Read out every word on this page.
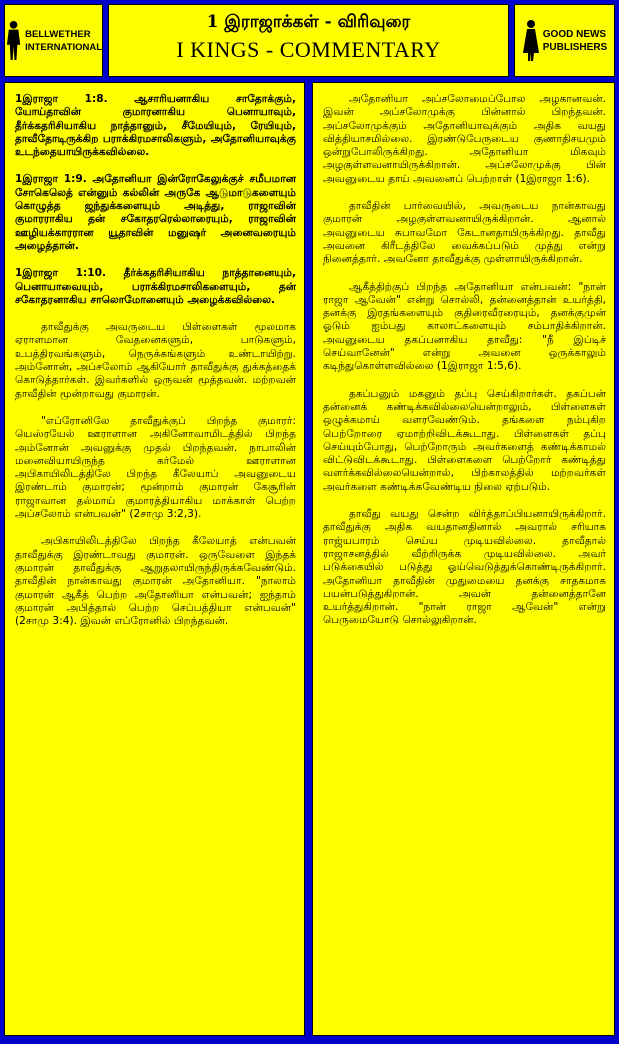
BELLWETHER
INTERNATIONAL
1 இராஜாக்கள் - விரிவுரை
I KINGS - COMMENTARY
GOOD NEWS
PUBLISHERS

1இராஜா 1:8. ஆசாரியனாகிய சாதோக்கும், யோய்தாவின் குமாரனாகிய பெனாயாவும், தீர்க்கதரிசியாகிய நாத்தானும், சீமேயியும், ரேயியும், தாவீதோடிருக்கிற பராக்கிரமசாலிகளும், அதோனியாவுக்கு உடந்தையாயிருக்கவில்லை.

1இராஜா 1:9. அதோனியா இன்ரோகேலுக்குச் சமீபமான சோகெலெத் என்னும் கல்லின் அருகே ஆடுமாடுகளையும் கொழுத்த ஜந்துக்களையும் அடித்து, ராஜாவின் குமாரராகிய தன் சகோதரரெல்லாரையும், ராஜாவின் ஊழியக்காரரான யூதாவின் மனுஷர் அனைவரையும் அழைத்தான்.

1இராஜா 1:10. தீர்க்கதரிசியாகிய நாத்தானையும், பெனாயாவையும், பராக்கிரமசாலிகளையும், தன் சகோதரனாகிய சாலொமோனையும் அழைக்கவில்லை.

தாவீதுக்கு அவருடைய பிள்ளைகள் மூலமாக ஏராளமான வேதனைகளும், பாடுகளும், உபத்திரவங்களும், நெருக்கங்களும் உண்டாயிற்று. அம்னோன், அப்சலோம் ஆகியோர் தாவீதுக்கு துக்கத்தைக் கொடுத்தார்கள். இவர்களில் ஒருவன் மூத்தவன். மற்றவன் தாவீதின் மூன்றாவது குமாரன்.

"எப்ரோனிலே தாவீதுக்குப் பிறந்த குமாரர்: யெஸ்ரயேல் ஊராளான அகினோவாமிடத்தில் பிறந்த அம்னோன் அவனுக்கு முதல் பிறந்தவன். நாபாலின் மனைவியாயிருந்த கர்மேல் ஊராளான அபிகாயிலிடத்திலே பிறந்த கீலேயாப் அவனுடைய இரண்டாம் குமாரன்; மூன்றாம் குமாரன் கேசூரின் ராஜாவான தல்மாய் குமாரத்தியாகிய மாக்காள் பெற்ற அப்சலோம் என்பவன்" (2சாமு 3:2,3).

அபிகாயிலிடத்திலே பிறந்த கீலேயாத் என்பவன் தாவீதுக்கு இரண்டாவது குமாரன். ஒருவேளை இந்தக் குமாரன் தாவீதுக்கு ஆறுதலாயிருந்திருக்கவேண்டும். தாவீதின் நான்காவது குமாரன் அதோனியா. "நாலாம் குமாரன் ஆகீத் பெற்ற அதோனியா என்பவன்; ஐந்தாம் குமாரன் அபித்தால் பெற்ற செப்பத்தியா என்பவன்" (2சாமு 3:4). இவன் எப்ரோனில் பிறந்தவன்.

அதோனியா அப்சலோமைப்போல அழகானவன். இவன் அப்சலோமுக்கு பின்னால் பிறந்தவன். அப்சலோமுக்கும் அதோனியாவுக்கும் அதிக வயது வித்தியாசமில்லை. இரண்டுபேருடைய குணாதிசயமும் ஒன்றுபோலிருக்கிறது. அதோனியா மிகவும் அழகுள்ளவனாயிருக்கிறான். அப்சலோமுக்கு பின் அவனுடைய தாய் அவனைப் பெற்றாள் (1இராஜா 1:6).

தாவீதின் பார்வையில், அவருடைய நான்காவது குமாரன் அழகுள்ளவனாயிருக்கிறான். ஆனால் அவனுடைய சுபாவமோ கேடானதாயிருக்கிறது. தாவீது அவனை கிரீடத்திலே வைக்கப்படும் முத்து என்று நினைத்தார். அவனோ தாவீதுக்கு முள்ளாயிருக்கிறான்.

ஆகீத்திற்குப் பிறந்த அதோனியா என்பவன்: "நான் ராஜா ஆவேன்" என்று சொல்லி, தன்னைத்தான் உயர்த்தி, தனக்கு இரதங்களையும் குதிரைவீரரையும், தனக்குமுன் ஓடும் ஐம்பது காலாட்களையும் சம்பாதிக்கிறான். அவனுடைய தகப்பனாகிய தாவீது: "நீ இப்டிச் செய்வானேன்" என்று அவனை ஒருக்காலும் கடிந்துகொள்ளவில்லை (1இராஜா 1:5,6).

தகப்பனும் மகனும் தப்பு செய்கிறார்கள். தகப்பன் தன்னைக் கண்டிக்கவில்லையென்றாலும், பிள்ளைகள் ஒழுக்கமாய் வளரவேண்டும். தங்களை நம்புகிற பெற்றோரை ஏமாற்றிவிடக்கூடாது. பிள்ளைகள் தப்பு செய்யும்போது, பெற்றோரும் அவர்களைத் கண்டிக்காமல் விட்டுவிடக்கூடாது. பிள்ளைகளை பெற்றோர் கண்டித்து வளர்க்கவில்லையென்றால், பிற்காலத்தில் மற்றவர்கள் அவர்களை கண்டிக்கவேண்டிய நிலை ஏற்படும்.

தாவீது வயது சென்ற விர்த்தாப்பியனாயிருக்கிறார். தாவீதுக்கு அதிக வயதானதினால் அவரால் சரியாக ராஜ்யபாரம் செய்ய முடியவில்லை. தாவீதால் ராஜாசனத்தில் வீற்றிருக்க முடியவில்லை. அவர் படுக்கையில் படுத்து ஓய்வெடுத்துக்கொண்டிருக்கிறார். அதோனியா தாவீதின் முதுமையை தனக்கு சாதகமாக பயன்படுத்துகிறான். அவன் தன்னைத்தானே உயர்த்துகிறான். "நான் ராஜா ஆவேன்" என்று பெருமையோடு சொல்லுகிறான்.
